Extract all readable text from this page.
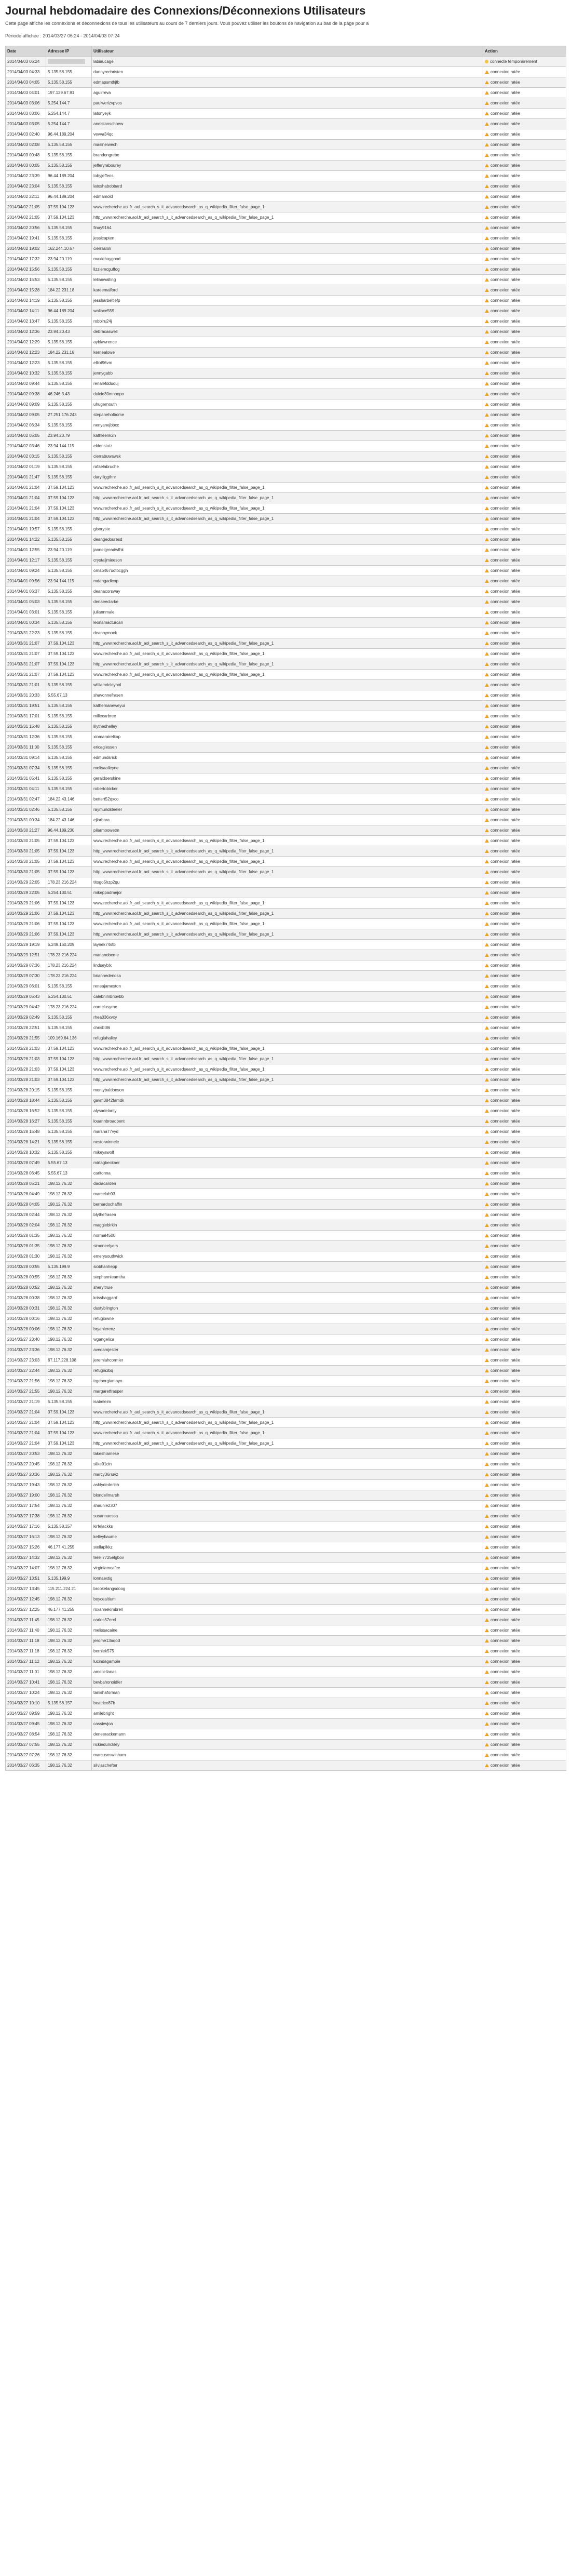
Journal hebdomadaire des Connexions/Déconnexions Utilisateurs
Cette page affiche les connexions et déconnexions de tous les utilisateurs au cours de 7 derniers jours. Vous pouvez utiliser les boutons de navigation au bas de la page pour a
Période affichée : 2014/03/27 06:24 - 2014/04/03 07:24
Date	Adresse IP	Utilisateur	Action
2014/04/03 06:24		labiaucage	connecté temporairement
2014/04/03 04:33	5.135.58.155	dannyrechristen	connexion ratée
2014/04/03 04:05	5.135.58.155	edmapsmthjfb	connexion ratée
2014/04/03 04:01	197.129.67.91	aguirreva	connexion ratée
2014/04/03 03:06	5.254.144.7	paulwerizvpvos	connexion ratée
2014/04/03 03:06	5.254.144.7	latonyeyk	connexion ratée
2014/04/03 03:05	5.254.144.7	anelstanschoew	connexion ratée
2014/04/03 02:40	96.44.189.204	vevva34qc	connexion ratée
2014/04/03 02:08	5.135.58.155	masineiwech	connexion ratée
2014/04/03 00:48	5.135.58.155	brandongrebe	connexion ratée
2014/04/03 00:05	5.135.58.155	jefferyrabourey	connexion ratée
2014/04/02 23:39	96.44.189.204	tobyjeffens	connexion ratée
2014/04/02 23:04	5.135.58.155	latoshabobbard	connexion ratée
2014/04/02 22:11	96.44.189.204	edmamold	connexion ratée
2014/04/02 21:05	37.59.104.123	www.recherche.aol.fr_aol_search_s_it_advancedsearch_as_q_wikipedia_filter_false_page_1	connexion ratée
2014/04/02 21:05	37.59.104.123	http_www.recherche.aol.fr_aol_search_s_it_advancedsearch_as_q_wikipedia_filter_false_page_1	connexion ratée
2014/04/02 20:56	5.135.58.155	finay9164	connexion ratée
2014/04/02 19:41	5.135.58.155	jessicapten	connexion ratée
2014/04/02 19:02	162.244.10.67	cierrasloli	connexion ratée
2014/04/02 17:32	23.94.20.119	maxiehaygood	connexion ratée
2014/04/02 15:56	5.135.58.155	lizziemcguffog	connexion ratée
2014/04/02 15:53	5.135.58.155	lellanwalling	connexion ratée
2014/04/02 15:28	184.22.231.18	kareemalford	connexion ratée
2014/04/02 14:19	5.135.58.155	jessharbeltlefp	connexion ratée
2014/04/02 14:11	96.44.189.204	wallace559	connexion ratée
2014/04/02 13:47	5.135.58.155	robbiru24j	connexion ratée
2014/04/02 12:36	23.94.20.43	debracaswell	connexion ratée
2014/04/02 12:29	5.135.58.155	ayblawrence	connexion ratée
2014/04/02 12:23	184.22.231.18	kerriealowe	connexion ratée
2014/04/02 12:23	5.135.58.155	elliot96vm	connexion ratée
2014/04/02 10:32	5.135.58.155	jennygabb	connexion ratée
2014/04/02 09:44	5.135.58.155	renalefdduouj	connexion ratée
2014/04/02 09:38	46.246.3.43	dulcie30mnoopo	connexion ratée
2014/04/02 09:09	5.135.58.155	uhugernouth	connexion ratée
2014/04/02 09:05	27.251.176.243	stepaneholbome	connexion ratée
2014/04/02 06:34	5.135.58.155	nenyanejbbcc	connexion ratée
2014/04/02 05:05	23.94.20.79	kathleenk2h	connexion ratée
2014/04/02 03:46	23.94.144.115	eldenstutz	connexion ratée
2014/04/02 03:15	5.135.58.155	cierrabuwawsk	connexion ratée
2014/04/02 01:19	5.135.58.155	rafaelabruche	connexion ratée
2014/04/01 21:47	5.135.58.155	darylliggthnr	connexion ratée
2014/04/01 21:04	37.59.104.123	www.recherche.aol.fr_aol_search_s_it_advancedsearch_as_q_wikipedia_filter_false_page_1	connexion ratée
2014/04/01 21:04	37.59.104.123	http_www.recherche.aol.fr_aol_search_s_it_advancedsearch_as_q_wikipedia_filter_false_page_1	connexion ratée
2014/04/01 21:04	37.59.104.123	www.recherche.aol.fr_aol_search_s_it_advancedsearch_as_q_wikipedia_filter_false_page_1	connexion ratée
2014/04/01 21:04	37.59.104.123	http_www.recherche.aol.fr_aol_search_s_it_advancedsearch_as_q_wikipedia_filter_false_page_1	connexion ratée
2014/04/01 19:57	5.135.58.155	gisoryste	connexion ratée
2014/04/01 14:22	5.135.58.155	deangedouresd	connexion ratée
2014/04/01 12:55	23.94.20.119	jannelgreadwfhk	connexion ratée
2014/04/01 12:17	5.135.58.155	crystaljmieeson	connexion ratée
2014/04/01 09:24	5.135.58.155	omab467uotocggh	connexion ratée
2014/04/01 09:56	23.94.144.115	mdangadicop	connexion ratée
2014/04/01 06:37	5.135.58.155	deanacorsway	connexion ratée
2014/04/01 05:03	5.135.58.155	denaeeclarke	connexion ratée
2014/04/01 03:01	5.135.58.155	juliannmale	connexion ratée
2014/04/01 00:34	5.135.58.155	leonamacturcan	connexion ratée
2014/03/31 22:23	5.135.58.155	deannymock	connexion ratée
2014/03/31 21:07	37.59.104.123	http_www.recherche.aol.fr_aol_search_s_it_advancedsearch_as_q_wikipedia_filter_false_page_1	connexion ratée
2014/03/31 21:07	37.59.104.123	www.recherche.aol.fr_aol_search_s_it_advancedsearch_as_q_wikipedia_filter_false_page_1	connexion ratée
2014/03/31 21:07	37.59.104.123	http_www.recherche.aol.fr_aol_search_s_it_advancedsearch_as_q_wikipedia_filter_false_page_1	connexion ratée
2014/03/31 21:07	37.59.104.123	www.recherche.aol.fr_aol_search_s_it_advancedsearch_as_q_wikipedia_filter_false_page_1	connexion ratée
2014/03/31 21:01	5.135.58.155	williamricleynol	connexion ratée
2014/03/31 20:33	5.55.67.13	shavonnefrasen	connexion ratée
2014/03/31 19:51	5.135.58.155	kathernaneweyui	connexion ratée
2014/03/31 17:01	5.135.58.155	millecarbree	connexion ratée
2014/03/31 15:48	5.135.58.155	lilythedhelley	connexion ratée
2014/03/31 12:36	5.135.58.155	xiomarairelkop	connexion ratée
2014/03/31 11:00	5.135.58.155	ericaglessen	connexion ratée
2014/03/31 09:14	5.135.58.155	edmundsrick	connexion ratée
2014/03/31 07:34	5.135.58.155	melisaalleyne	connexion ratée
2014/03/31 05:41	5.135.58.155	geraldoerskine	connexion ratée
2014/03/31 04:11	5.135.58.155	robertobicker	connexion ratée
2014/03/31 02:47	184.22.43.146	bettert52qxco	connexion ratée
2014/03/31 02:46	5.135.58.155	raymundsteeler	connexion ratée
2014/03/31 00:34	184.22.43.146	ejlarbara	connexion ratée
2014/03/30 21:27	96.44.189.230	pilarmoowetm	connexion ratée
2014/03/30 21:05	37.59.104.123	www.recherche.aol.fr_aol_search_s_it_advancedsearch_as_q_wikipedia_filter_false_page_1	connexion ratée
2014/03/30 21:05	37.59.104.123	http_www.recherche.aol.fr_aol_search_s_it_advancedsearch_as_q_wikipedia_filter_false_page_1	connexion ratée
2014/03/30 21:05	37.59.104.123	www.recherche.aol.fr_aol_search_s_it_advancedsearch_as_q_wikipedia_filter_false_page_1	connexion ratée
2014/03/30 21:05	37.59.104.123	http_www.recherche.aol.fr_aol_search_s_it_advancedsearch_as_q_wikipedia_filter_false_page_1	connexion ratée
2014/03/29 22:05	178.23.216.224	titogo5hzp2qu	connexion ratée
2014/03/29 22:05	5.254.130.51	mikeppadmejor	connexion ratée
2014/03/29 21:06	37.59.104.123	www.recherche.aol.fr_aol_search_s_it_advancedsearch_as_q_wikipedia_filter_false_page_1	connexion ratée
2014/03/29 21:06	37.59.104.123	http_www.recherche.aol.fr_aol_search_s_it_advancedsearch_as_q_wikipedia_filter_false_page_1	connexion ratée
2014/03/29 21:06	37.59.104.123	www.recherche.aol.fr_aol_search_s_it_advancedsearch_as_q_wikipedia_filter_false_page_1	connexion ratée
2014/03/29 21:06	37.59.104.123	http_www.recherche.aol.fr_aol_search_s_it_advancedsearch_as_q_wikipedia_filter_false_page_1	connexion ratée
2014/03/29 19:19	5.249.160.209	laynek74stb	connexion ratée
2014/03/29 12:51	178.23.216.224	marianobeme	connexion ratée
2014/03/29 07:36	178.23.216.224	lindseyblx	connexion ratée
2014/03/29 07:30	178.23.216.224	briannedenosa	connexion ratée
2014/03/29 06:01	5.135.58.155	reneajameston	connexion ratée
2014/03/29 05:43	5.254.130.51	calebnimbnbvbb	connexion ratée
2014/03/29 04:42	178.23.216.224	cornelusyrne	connexion ratée
2014/03/29 02:49	5.135.58.155	rhea036xvxy	connexion ratée
2014/03/28 22:51	5.135.58.155	chrisbt86	connexion ratée
2014/03/28 21:55	109.169.64.136	refugiahalley	connexion ratée
2014/03/28 21:03	37.59.104.123	www.recherche.aol.fr_aol_search_s_it_advancedsearch_as_q_wikipedia_filter_false_page_1	connexion ratée
2014/03/28 21:03	37.59.104.123	http_www.recherche.aol.fr_aol_search_s_it_advancedsearch_as_q_wikipedia_filter_false_page_1	connexion ratée
2014/03/28 21:03	37.59.104.123	www.recherche.aol.fr_aol_search_s_it_advancedsearch_as_q_wikipedia_filter_false_page_1	connexion ratée
2014/03/28 21:03	37.59.104.123	http_www.recherche.aol.fr_aol_search_s_it_advancedsearch_as_q_wikipedia_filter_false_page_1	connexion ratée
2014/03/28 20:15	5.135.58.155	montybaldonson	connexion ratée
2014/03/28 18:44	5.135.58.155	gavm3842famdk	connexion ratée
2014/03/28 16:52	5.135.58.155	alysadelanty	connexion ratée
2014/03/28 16:27	5.135.58.155	louannbroadbent	connexion ratée
2014/03/28 15:48	5.135.58.155	marsha77vyd	connexion ratée
2014/03/28 14:21	5.135.58.155	nestorwinnele	connexion ratée
2014/03/28 10:32	5.135.58.155	mikeyawolf	connexion ratée
2014/03/28 07:49	5.55.67.13	mirtagbeckner	connexion ratée
2014/03/28 06:45	5.55.67.13	carltonna	connexion ratée
2014/03/28 05:21	198.12.76.32	daciacarden	connexion ratée
2014/03/28 04:49	198.12.76.32	marcelah93	connexion ratée
2014/03/28 04:05	198.12.76.32	bernardochaffin	connexion ratée
2014/03/28 02:44	198.12.76.32	blythefrasen	connexion ratée
2014/03/28 02:04	198.12.76.32	maggieblrkin	connexion ratée
2014/03/28 01:35	198.12.76.32	normal4500	connexion ratée
2014/03/28 01:35	198.12.76.32	simoneelyers	connexion ratée
2014/03/28 01:30	198.12.76.32	emerysouthwick	connexion ratée
2014/03/28 00:55	5.135.199.9	siobhanhepp	connexion ratée
2014/03/28 00:55	198.12.76.32	stephannieamtha	connexion ratée
2014/03/28 00:52	198.12.76.32	sheryltruie	connexion ratée
2014/03/28 00:38	198.12.76.32	krisshaggard	connexion ratée
2014/03/28 00:31	198.12.76.32	dustyblington	connexion ratée
2014/03/28 00:16	198.12.76.32	refugiowne	connexion ratée
2014/03/28 00:06	198.12.76.32	bryanlerenz	connexion ratée
2014/03/27 23:40	198.12.76.32	wgangelica	connexion ratée
2014/03/27 23:36	198.12.76.32	avedamjester	connexion ratée
2014/03/27 23:03	67.117.228.108	jeremiahcormier	connexion ratée
2014/03/27 22:44	198.12.76.32	refugia3bq	connexion ratée
2014/03/27 21:56	198.12.76.32	trgeborgiamayo	connexion ratée
2014/03/27 21:55	198.12.76.32	margaretfrasper	connexion ratée
2014/03/27 21:19	5.135.58.155	isabeleim	connexion ratée
2014/03/27 21:04	37.59.104.123	www.recherche.aol.fr_aol_search_s_it_advancedsearch_as_q_wikipedia_filter_false_page_1	connexion ratée
2014/03/27 21:04	37.59.104.123	http_www.recherche.aol.fr_aol_search_s_it_advancedsearch_as_q_wikipedia_filter_false_page_1	connexion ratée
2014/03/27 21:04	37.59.104.123	www.recherche.aol.fr_aol_search_s_it_advancedsearch_as_q_wikipedia_filter_false_page_1	connexion ratée
2014/03/27 21:04	37.59.104.123	http_www.recherche.aol.fr_aol_search_s_it_advancedsearch_as_q_wikipedia_filter_false_page_1	connexion ratée
2014/03/27 20:53	198.12.76.32	takeshiamese	connexion ratée
2014/03/27 20:45	198.12.76.32	silke91cin	connexion ratée
2014/03/27 20:36	198.12.76.32	marcy36riuvz	connexion ratée
2014/03/27 19:43	198.12.76.32	ashlydederich	connexion ratée
2014/03/27 19:00	198.12.76.32	blondellmarsh	connexion ratée
2014/03/27 17:54	198.12.76.32	shaunie2307	connexion ratée
2014/03/27 17:38	198.12.76.32	susannaessa	connexion ratée
2014/03/27 17:16	5.135.58.157	kirfelackks	connexion ratée
2014/03/27 16:13	198.12.76.32	kelleybaume	connexion ratée
2014/03/27 15:26	46.177.41.255	stellaplkkz	connexion ratée
2014/03/27 14:32	198.12.76.32	terell7725elgbov	connexion ratée
2014/03/27 14:07	198.12.76.32	virginiamcafee	connexion ratée
2014/03/27 13:51	5.135.199.9	lonnaextig	connexion ratée
2014/03/27 13:45	115.211.224.21	brookelangsdoog	connexion ratée
2014/03/27 12:45	198.12.76.32	boycealtium	connexion ratée
2014/03/27 12:25	46.177.41.255	roxannekimbrell	connexion ratée
2014/03/27 11:45	198.12.76.32	carlos57ercl	connexion ratée
2014/03/27 11:40	198.12.76.32	melissacaine	connexion ratée
2014/03/27 11:18	198.12.76.32	jerome13aqod	connexion ratée
2014/03/27 11:18	198.12.76.32	berniek575	connexion ratée
2014/03/27 11:12	198.12.76.32	lucindagambie	connexion ratée
2014/03/27 11:01	198.12.76.32	ameliellanas	connexion ratée
2014/03/27 10:41	198.12.76.32	bevbahonoidfer	connexion ratée
2014/03/27 10:24	198.12.76.32	tanishaforman	connexion ratée
2014/03/27 10:10	5.135.58.157	beatrice87b	connexion ratée
2014/03/27 09:59	198.12.76.32	amilebright	connexion ratée
2014/03/27 09:45	198.12.76.32	cassievjoa	connexion ratée
2014/03/27 08:54	198.12.76.32	deneerackemann	connexion ratée
2014/03/27 07:55	198.12.76.32	rickiedunckley	connexion ratée
2014/03/27 07:26	198.12.76.32	marcusoswinham	connexion ratée
2014/03/27 06:35	198.12.76.32	silviaschefter	connexion ratée
